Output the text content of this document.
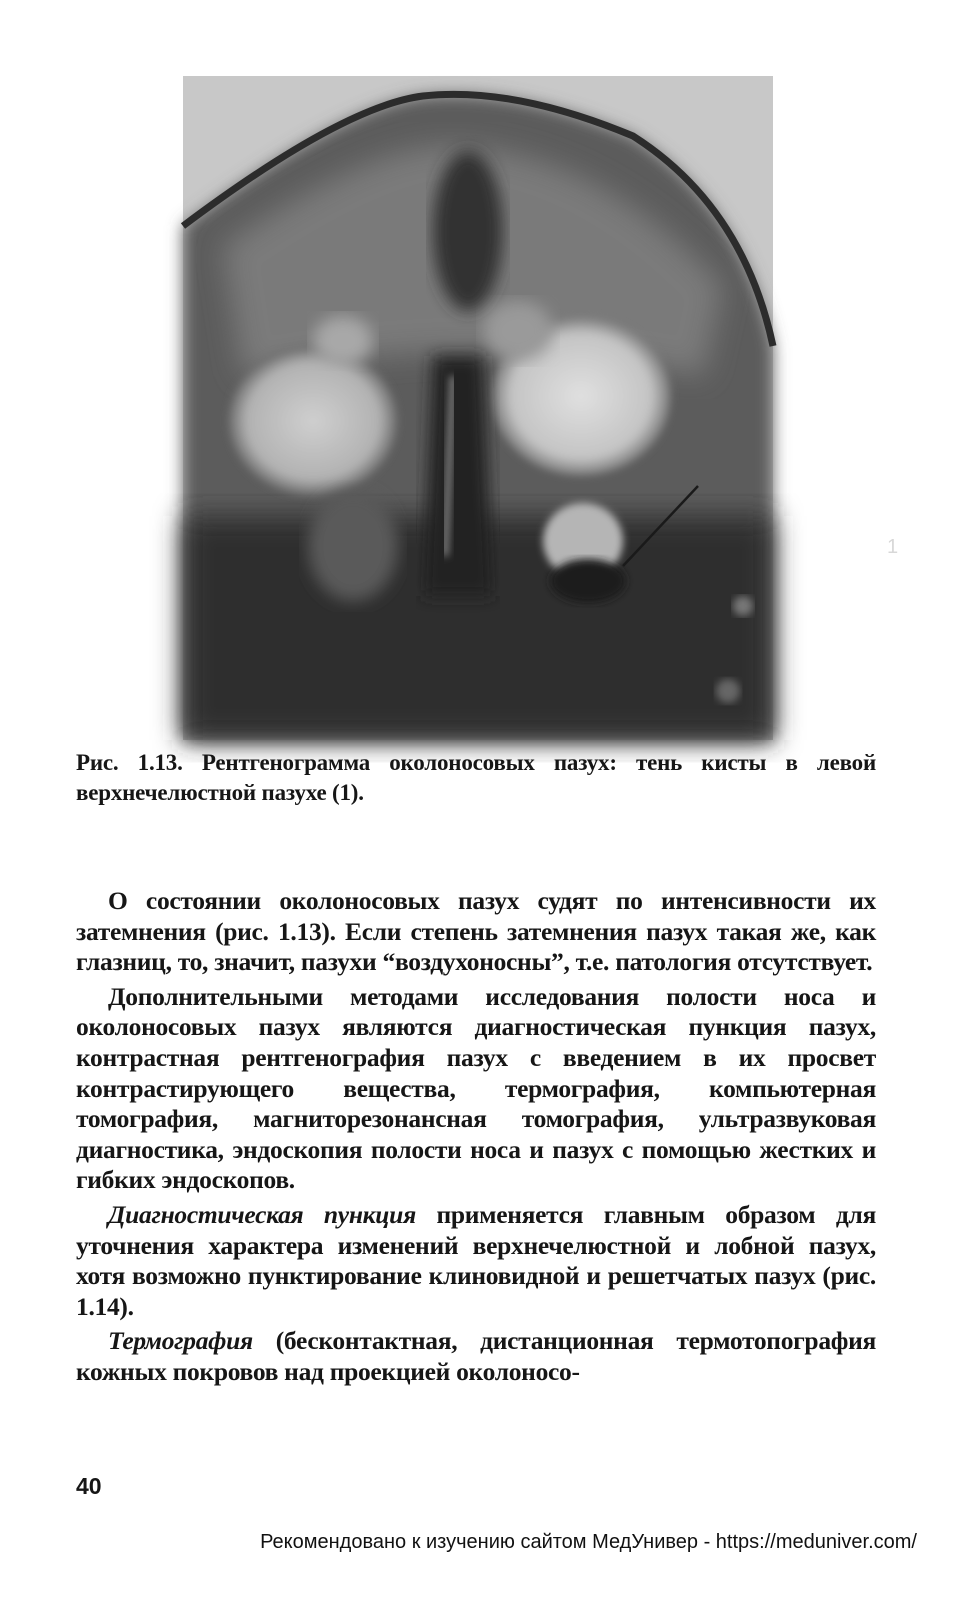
1

Рис. 1.13. Рентгенограмма околоносовых пазух: тень кисты в левой верхнечелюстной пазухе (1).

О состоянии околоносовых пазух судят по интенсивности их затемнения (рис. 1.13). Если степень затемнения пазух такая же, как глазниц, то, значит, пазухи “воздухоносны”, т.е. патология отсутствует.

Дополнительными методами исследования полости носа и околоносовых пазух являются диагностическая пункция пазух, контрастная рентгенография пазух с введением в их просвет контрастирующего вещества, термография, компьютерная томография, магниторезонансная томография, ультразвуковая диагностика, эндоскопия полости носа и пазух с помощью жестких и гибких эндоскопов.

Диагностическая пункция применяется главным образом для уточнения характера изменений верхнечелюстной и лобной пазух, хотя возможно пунктирование клиновидной и решетчатых пазух (рис. 1.14).

Термография (бесконтактная, дистанционная термотопография кожных покровов над проекцией околоносо-

40
Рекомендовано к изучению сайтом МедУнивер - https://meduniver.com/
